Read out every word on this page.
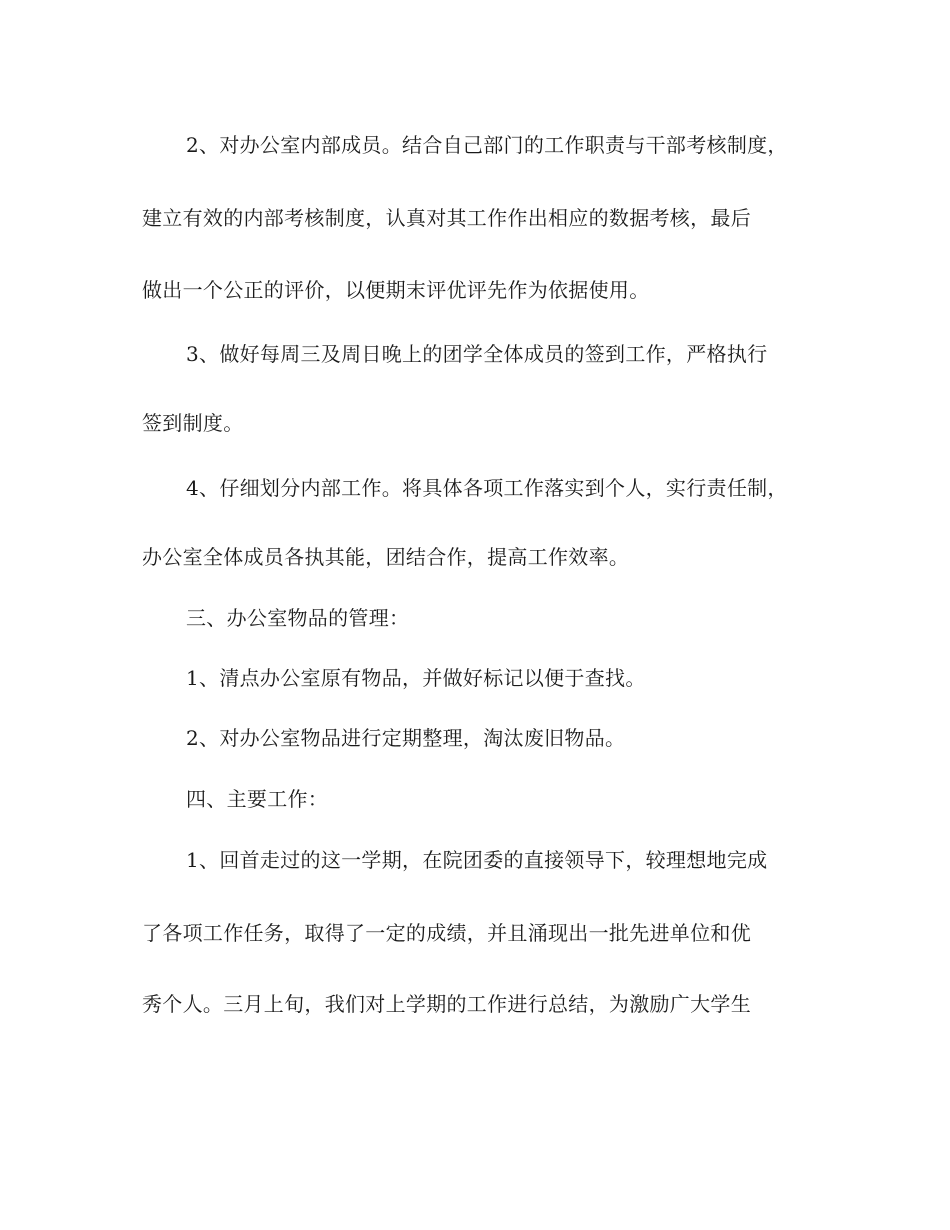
2、对办公室内部成员。结合自己部门的工作职责与干部考核制度，
建立有效的内部考核制度，认真对其工作作出相应的数据考核，最后
做出一个公正的评价，以便期末评优评先作为依据使用。
3、做好每周三及周日晚上的团学全体成员的签到工作，严格执行
签到制度。
4、仔细划分内部工作。将具体各项工作落实到个人，实行责任制，
办公室全体成员各执其能，团结合作，提高工作效率。
三、办公室物品的管理：
1、清点办公室原有物品，并做好标记以便于查找。
2、对办公室物品进行定期整理，淘汰废旧物品。
四、主要工作：
1、回首走过的这一学期，在院团委的直接领导下，较理想地完成
了各项工作任务，取得了一定的成绩，并且涌现出一批先进单位和优
秀个人。三月上旬，我们对上学期的工作进行总结，为激励广大学生
